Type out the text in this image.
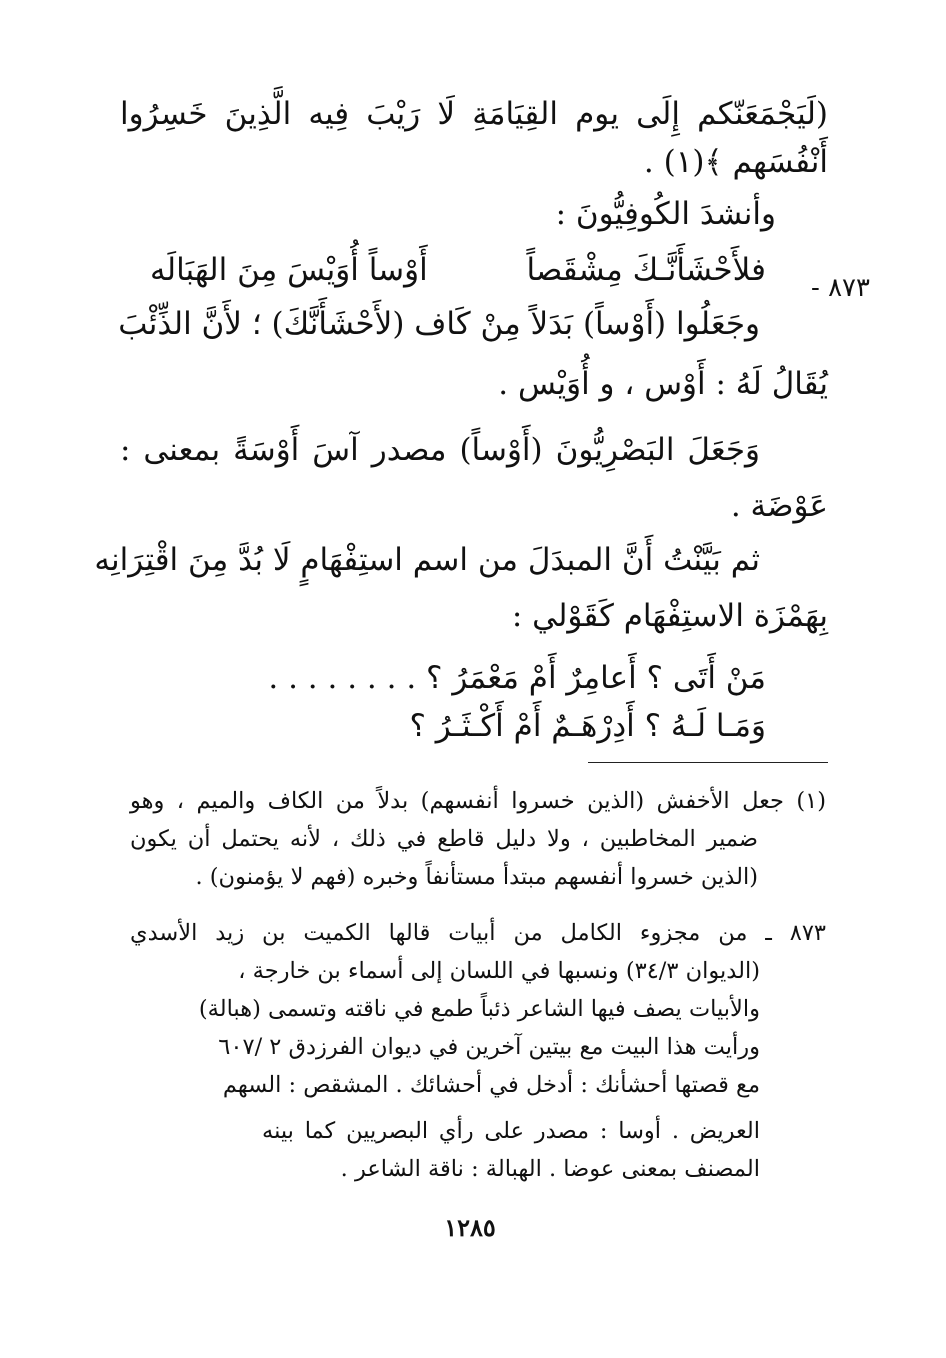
(لَيَجْمَعَنّكم إِلَى يوم القِيَامَةِ لَا رَيْبَ فِيه الَّذِينَ خَسِرُوا
أَنْفُسَهم ﴾(١) .
وأنشدَ الكُوفِيُّونَ :
٨٧٣ -
فلأَحْشَأَنَّـكَ مِشْقَصاً
أَوْساً أُوَيْسَ مِنَ الهَبَالَه
وجَعَلُوا (أَوْساً) بَدَلاً مِنْ كَاف (لأَحْشَأَنَّكَ) ؛ لأَنَّ الذِّئْبَ
يُقَالُ لَهُ : أَوْس ، و أُوَيْس .
وَجَعَلَ البَصْرِيُّونَ (أَوْساً) مصدر آسَ أَوْسَةً بمعنى :
عَوْضَة .
ثم بَيَّنْتُ أَنَّ المبدَلَ من اسم استِفْهَامٍ لَا بُدَّ مِنَ اقْتِرَانِه
بِهَمْزَة الاستِفْهَام كَقَوْلي :
مَنْ أَتَى ؟ أَعامِرٌ أَمْ مَعْمَرُ ؟ . . . . . . . .
وَمَـا لَـهُ ؟ أَدِرْهَـمٌ أَمْ أَكْـثَـرُ ؟
(١) جعل الأخفش (الذين خسروا أنفسهم) بدلاً من الكاف والميم ، وهو
ضمير المخاطبين ، ولا دليل قاطع في ذلك ، لأنه يحتمل أن يكون
(الذين خسروا أنفسهم مبتدأ مستأنفاً وخبره (فهم لا يؤمنون) .
٨٧٣ ـ من مجزوء الكامل من أبيات قالها الكميت بن زيد الأسدي
(الديوان ٣٤/٣) ونسبها في اللسان إلى أسماء بن خارجة ،
والأبيات يصف فيها الشاعر ذئباً طمع في ناقته وتسمى (هبالة)
ورأيت هذا البيت مع بيتين آخرين في ديوان الفرزدق ٢ /٦٠٧
مع قصتها أحشأنك : أدخل في أحشائك . المشقص : السهم
العريض . أوسا : مصدر على رأي البصريين كما بينه
المصنف بمعنى عوضا . الهبالة : ناقة الشاعر .
١٢٨٥
